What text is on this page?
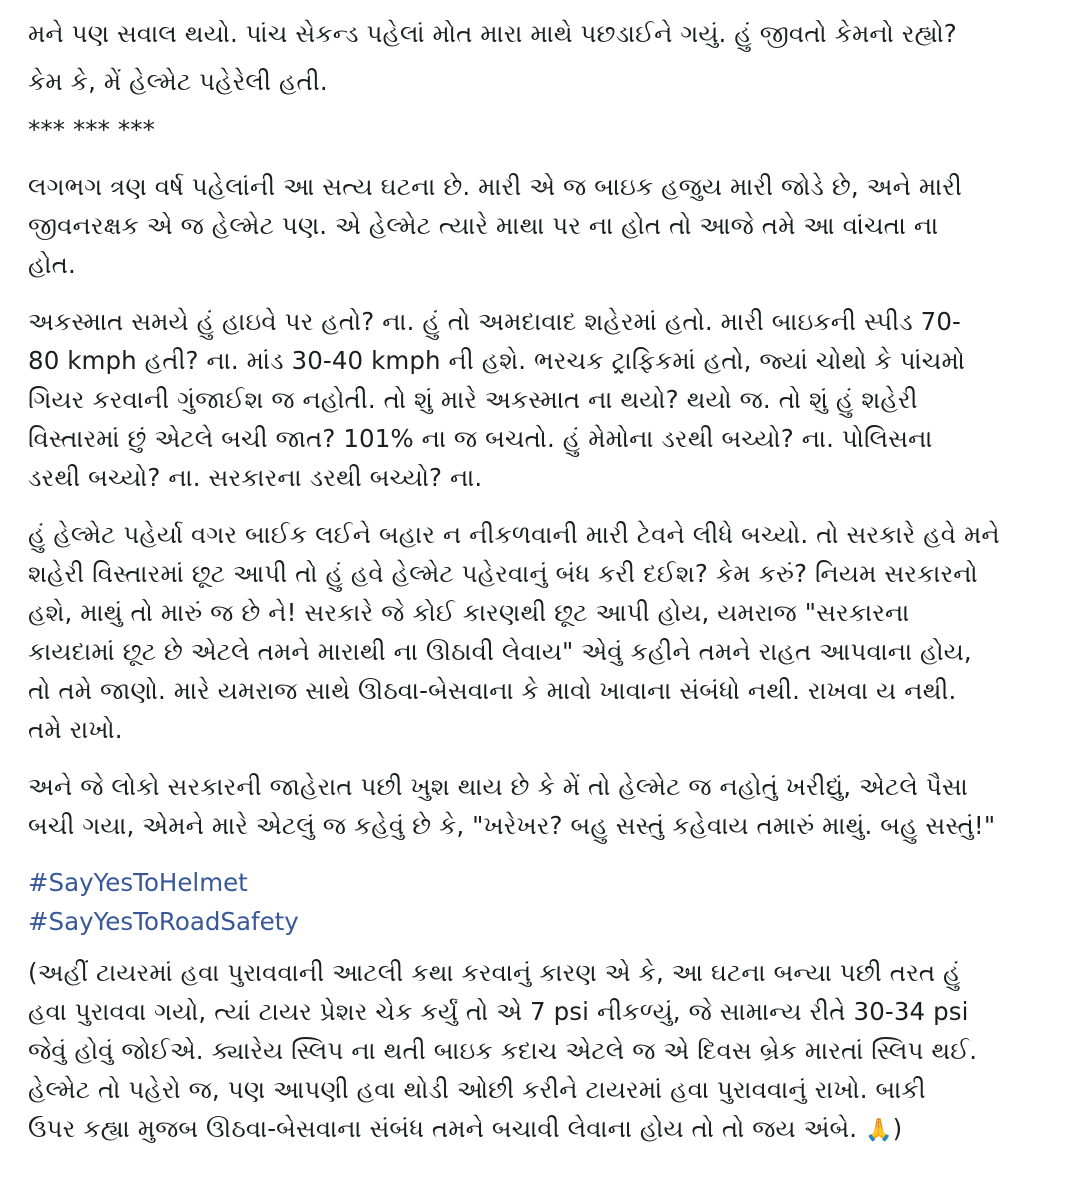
મને પણ સવાલ થયો. પાંચ સેકન્ડ પહેલાં મોત મારા માથે પછડાઈને ગયું. હું જીવતો કેમનો રહ્યો?

કેમ કે, મેં હેલ્મેટ પહેરેલી હતી.

*** *** ***

લગભગ ત્રણ વર્ષ પહેલાંની આ સત્ય ઘટના છે. મારી એ જ બાઇક હજુય મારી જોડે છે, અને મારી
જીવનરક્ષક એ જ હેલ્મેટ પણ. એ હેલ્મેટ ત્યારે માથા પર ના હોત તો આજે તમે આ વાંચતા ના
હોત.

અકસ્માત સમયે હું હાઇવે પર હતો? ના. હું તો અમદાવાદ શહેરમાં હતો. મારી બાઇકની સ્પીડ 70-
80 kmph હતી? ના. માંડ 30-40 kmph ની હશે. ભરચક ટ્રાફિકમાં હતો, જ્યાં ચોથો કે પાંચમો
ગિયર કરવાની ગુંજાઈશ જ નહોતી. તો શું મારે અકસ્માત ના થયો? થયો જ. તો શું હું શહેરી
વિસ્તારમાં છું એટલે બચી જાત? 101% ના જ બચતો. હું મેમોના ડરથી બચ્યો? ના. પોલિસના
ડરથી બચ્યો? ના. સરકારના ડરથી બચ્યો? ના.

હું હેલ્મેટ પહેર્યા વગર બાઈક લઈને બહાર ન નીકળવાની મારી ટેવને લીધે બચ્યો. તો સરકારે હવે મને
શહેરી વિસ્તારમાં છૂટ આપી તો હું હવે હેલ્મેટ પહેરવાનું બંધ કરી દઈશ? કેમ કરું? નિયમ સરકારનો
હશે, માથું તો મારું જ છે ને! સરકારે જે કોઈ કારણથી છૂટ આપી હોય, યમરાજ "સરકારના
કાયદામાં છૂટ છે એટલે તમને મારાથી ના ઊઠાવી લેવાય" એવું કહીને તમને રાહત આપવાના હોય,
તો તમે જાણો. મારે યમરાજ સાથે ઊઠવા-બેસવાના કે માવો ખાવાના સંબંધો નથી. રાખવા ય નથી.
તમે રાખો.

અને જે લોકો સરકારની જાહેરાત પછી ખુશ થાય છે કે મેં તો હેલ્મેટ જ નહોતું ખરીદ્યું, એટલે પૈસા
બચી ગયા, એમને મારે એટલું જ કહેવું છે કે, "ખરેખર? બહુ સસ્તું કહેવાય તમારું માથું. બહુ સસ્તું!"

#SayYesToHelmet
#SayYesToRoadSafety

(અહીં ટાયરમાં હવા પુરાવવાની આટલી કથા કરવાનું કારણ એ કે, આ ઘટના બન્યા પછી તરત હું
હવા પુરાવવા ગયો, ત્યાં ટાયર પ્રેશર ચેક કર્યું તો એ 7 psi નીકળ્યું, જે સામાન્ય રીતે 30-34 psi
જેવું હોવું જોઈએ. ક્યારેય સ્લિપ ના થતી બાઇક કદાચ એટલે જ એ દિવસ બ્રેક મારતાં સ્લિપ થઈ.
હેલ્મેટ તો પહેરો જ, પણ આપણી હવા થોડી ઓછી કરીને ટાયરમાં હવા પુરાવવાનું રાખો. બાકી
ઉપર કહ્યા મુજબ ઊઠવા-બેસવાના સંબંધ તમને બચાવી લેવાના હોય તો તો જય અંબે. 🙏)
